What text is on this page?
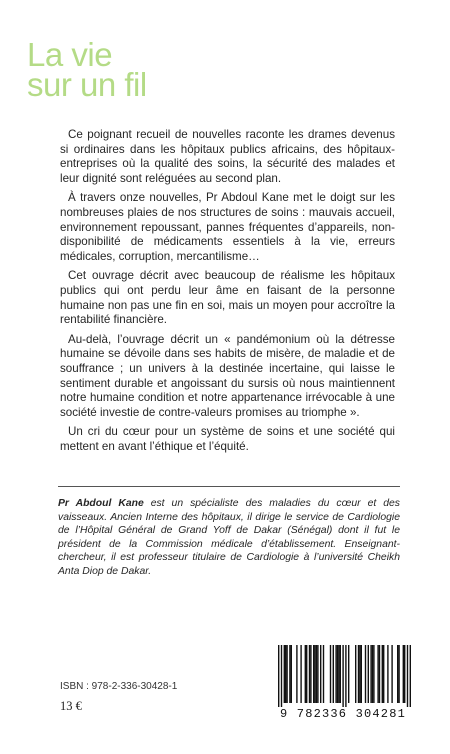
La vie
sur un fil

Ce poignant recueil de nouvelles raconte les drames devenus si ordinaires dans les hôpitaux publics africains, des hôpitaux-entreprises où la qualité des soins, la sécurité des malades et leur dignité sont reléguées au second plan.

À travers onze nouvelles, Pr Abdoul Kane met le doigt sur les nombreuses plaies de nos structures de soins : mauvais accueil, environnement repoussant, pannes fréquentes d’appareils, non-disponibilité de médicaments essentiels à la vie, erreurs médicales, corruption, mercantilisme…

Cet ouvrage décrit avec beaucoup de réalisme les hôpitaux publics qui ont perdu leur âme en faisant de la personne humaine non pas une fin en soi, mais un moyen pour accroître la rentabilité financière.

Au-delà, l’ouvrage décrit un « pandémonium où la détresse humaine se dévoile dans ses habits de misère, de maladie et de souffrance ; un univers à la destinée incertaine, qui laisse le sentiment durable et angoissant du sursis où nous maintiennent notre humaine condition et notre appartenance irrévocable à une société investie de contre-valeurs promises au triomphe ».

Un cri du cœur pour un système de soins et une société qui mettent en avant l’éthique et l’équité.

Pr Abdoul Kane est un spécialiste des maladies du cœur et des vaisseaux. Ancien Interne des hôpitaux, il dirige le service de Cardiologie de l’Hôpital Général de Grand Yoff de Dakar (Sénégal) dont il fut le président de la Commission médicale d’établissement. Enseignant-chercheur, il est professeur titulaire de Cardiologie à l’université Cheikh Anta Diop de Dakar.
ISBN : 978-2-336-30428-1
13 €
9 782336 304281
